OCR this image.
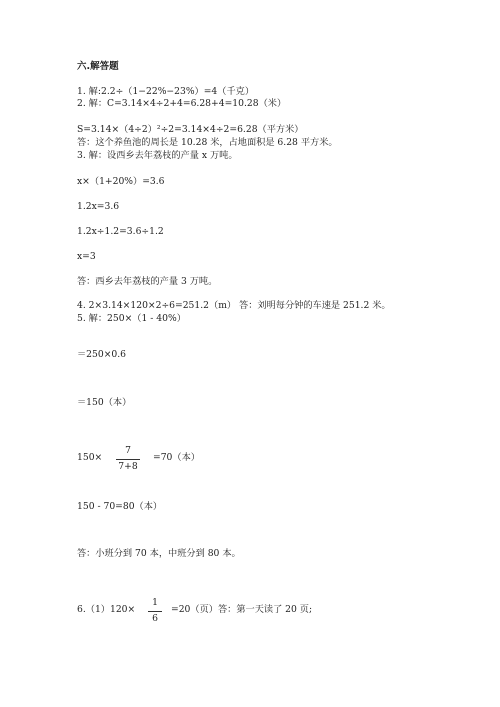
六.解答题
1. 解:2.2÷（1−22%−23%）=4（千克）
2. 解：C=3.14×4÷2+4=6.28+4=10.28（米）
S=3.14×（4÷2）²÷2=3.14×4÷2=6.28（平方米）
答：这个养鱼池的周长是 10.28 米，占地面积是 6.28 平方米。
3. 解：设西乡去年荔枝的产量 x 万吨。
x×（1+20%）=3.6
1.2x=3.6
1.2x÷1.2=3.6÷1.2
x=3
答：西乡去年荔枝的产量 3 万吨。
4. 2×3.14×120×2÷6=251.2（m） 答：刘明每分钟的车速是 251.2 米。
5. 解：250×（1 - 40%）
＝250×0.6
＝150（本）
150×
7
7+8
=70（本）
150 - 70=80（本）
答：小班分到 70 本，中班分到 80 本。
6.（1）120×
1
6
=20（页）答：第一天读了 20 页;
